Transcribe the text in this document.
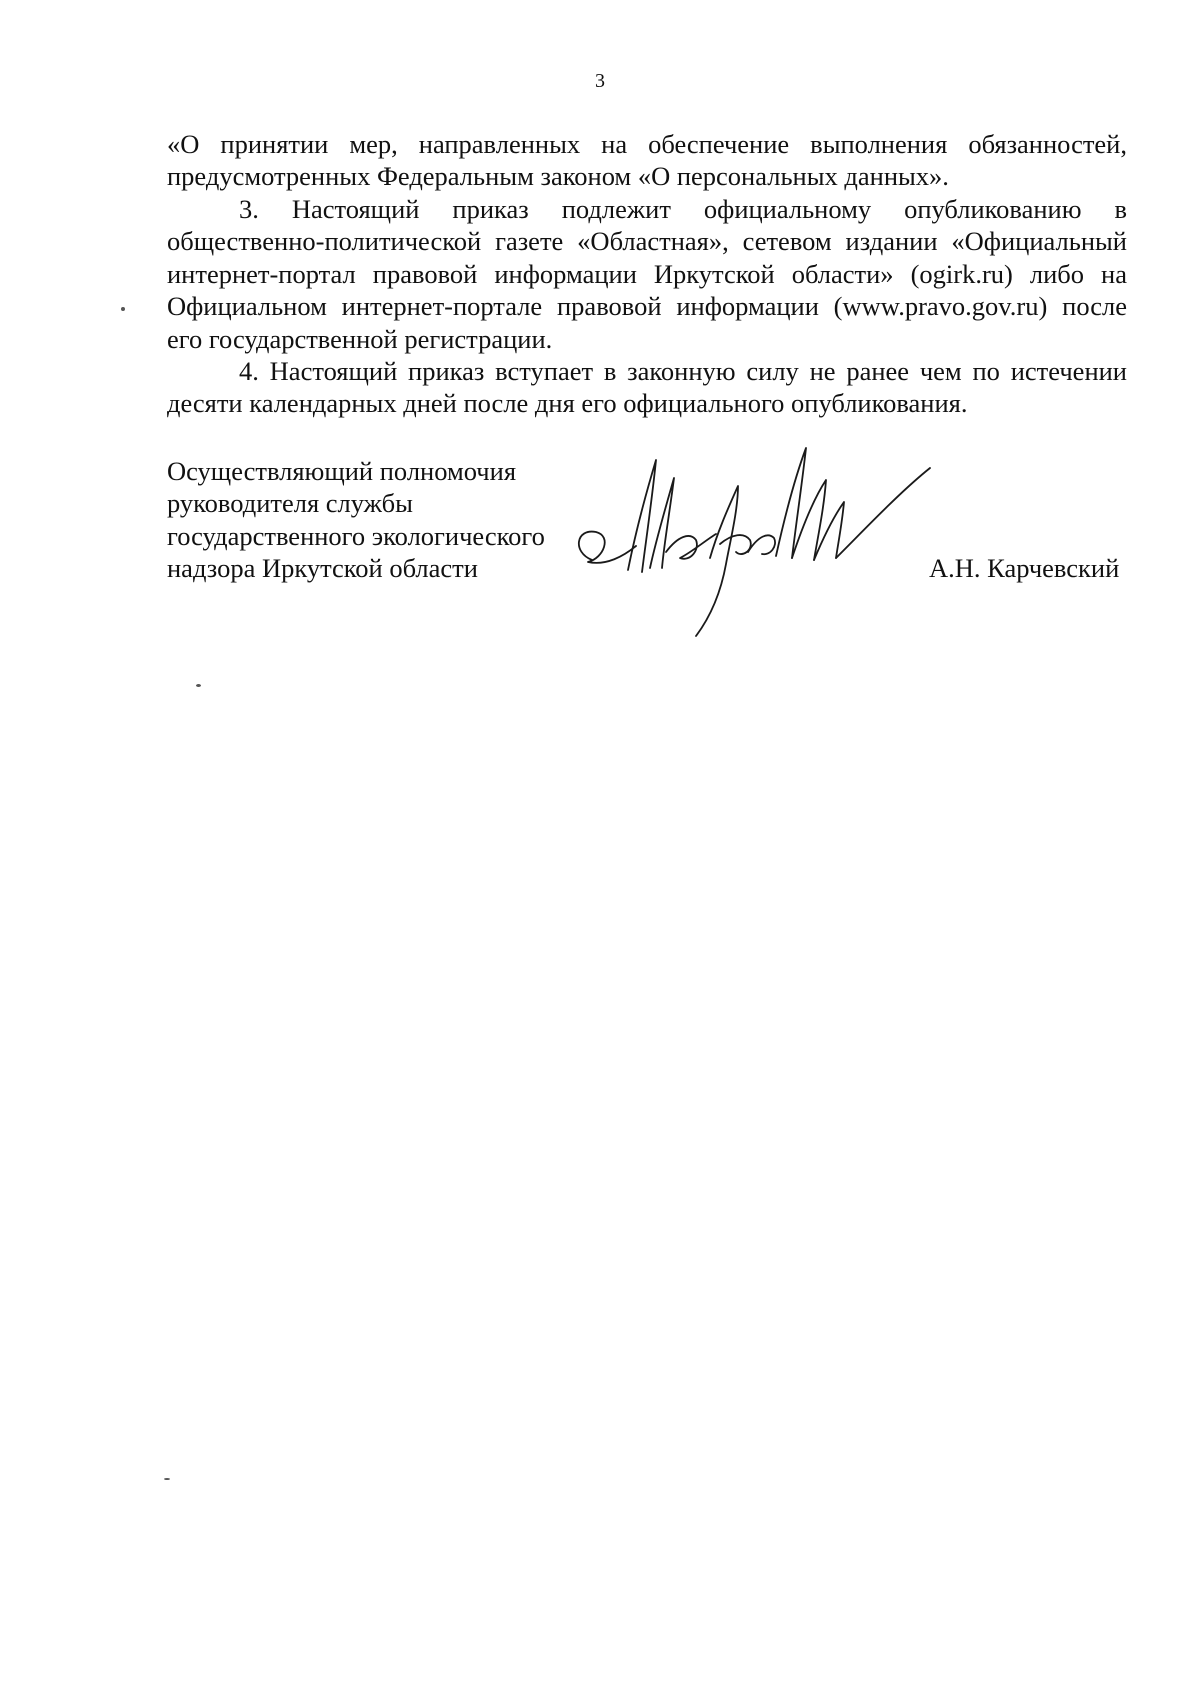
3

«О принятии мер, направленных на обеспечение выполнения обязанностей, предусмотренных Федеральным законом «О персональных данных».

3. Настоящий приказ подлежит официальному опубликованию в общественно-политической газете «Областная», сетевом издании «Официальный интернет-портал правовой информации Иркутской области» (ogirk.ru) либо на Официальном интернет-портале правовой информации (www.pravo.gov.ru) после его государственной регистрации.

4. Настоящий приказ вступает в законную силу не ранее чем по истечении десяти календарных дней после дня его официального опубликования.

Осуществляющий полномочия
руководителя службы
государственного экологического
надзора Иркутской области	А.Н. Карчевский
